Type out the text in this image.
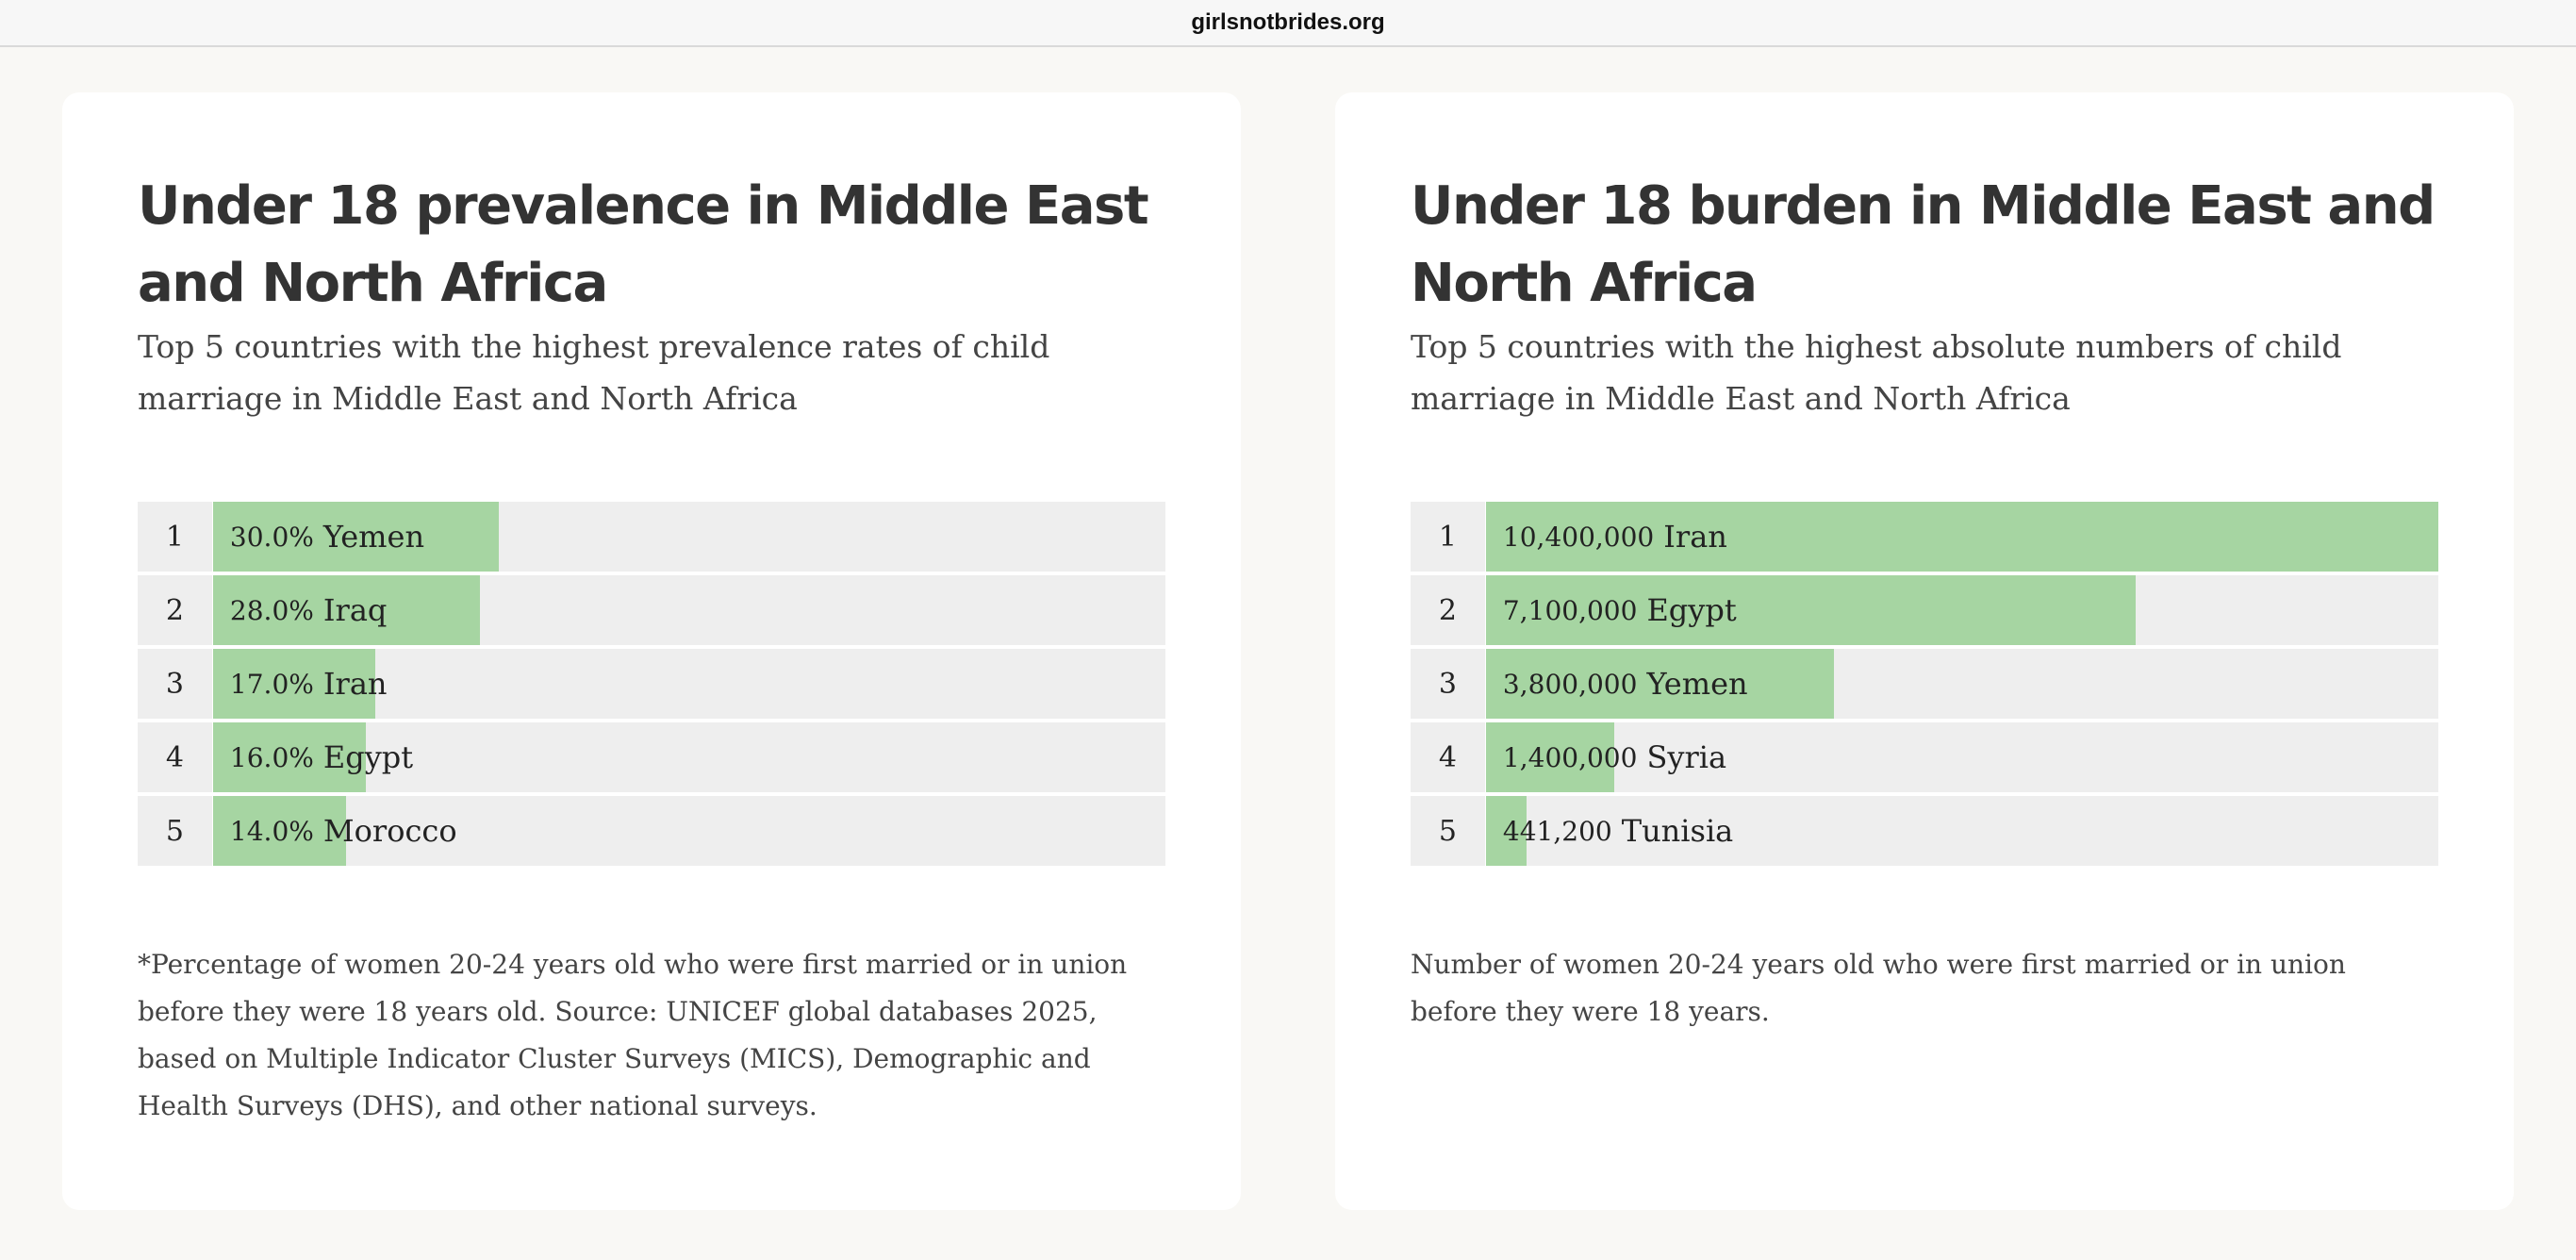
girlsnotbrides.org
Under 18 prevalence in Middle East and North Africa

Top 5 countries with the highest prevalence rates of child marriage in Middle East and North Africa

1	30.0% Yemen
2	28.0% Iraq
3	17.0% Iran
4	16.0% Egypt
5	14.0% Morocco

*Percentage of women 20-24 years old who were first married or in union before they were 18 years old. Source: UNICEF global databases 2025, based on Multiple Indicator Cluster Surveys (MICS), Demographic and Health Surveys (DHS), and other national surveys.

Under 18 burden in Middle East and North Africa

Top 5 countries with the highest absolute numbers of child marriage in Middle East and North Africa

1	10,400,000 Iran
2	7,100,000 Egypt
3	3,800,000 Yemen
4	1,400,000 Syria
5	441,200 Tunisia

Number of women 20-24 years old who were first married or in union before they were 18 years.
